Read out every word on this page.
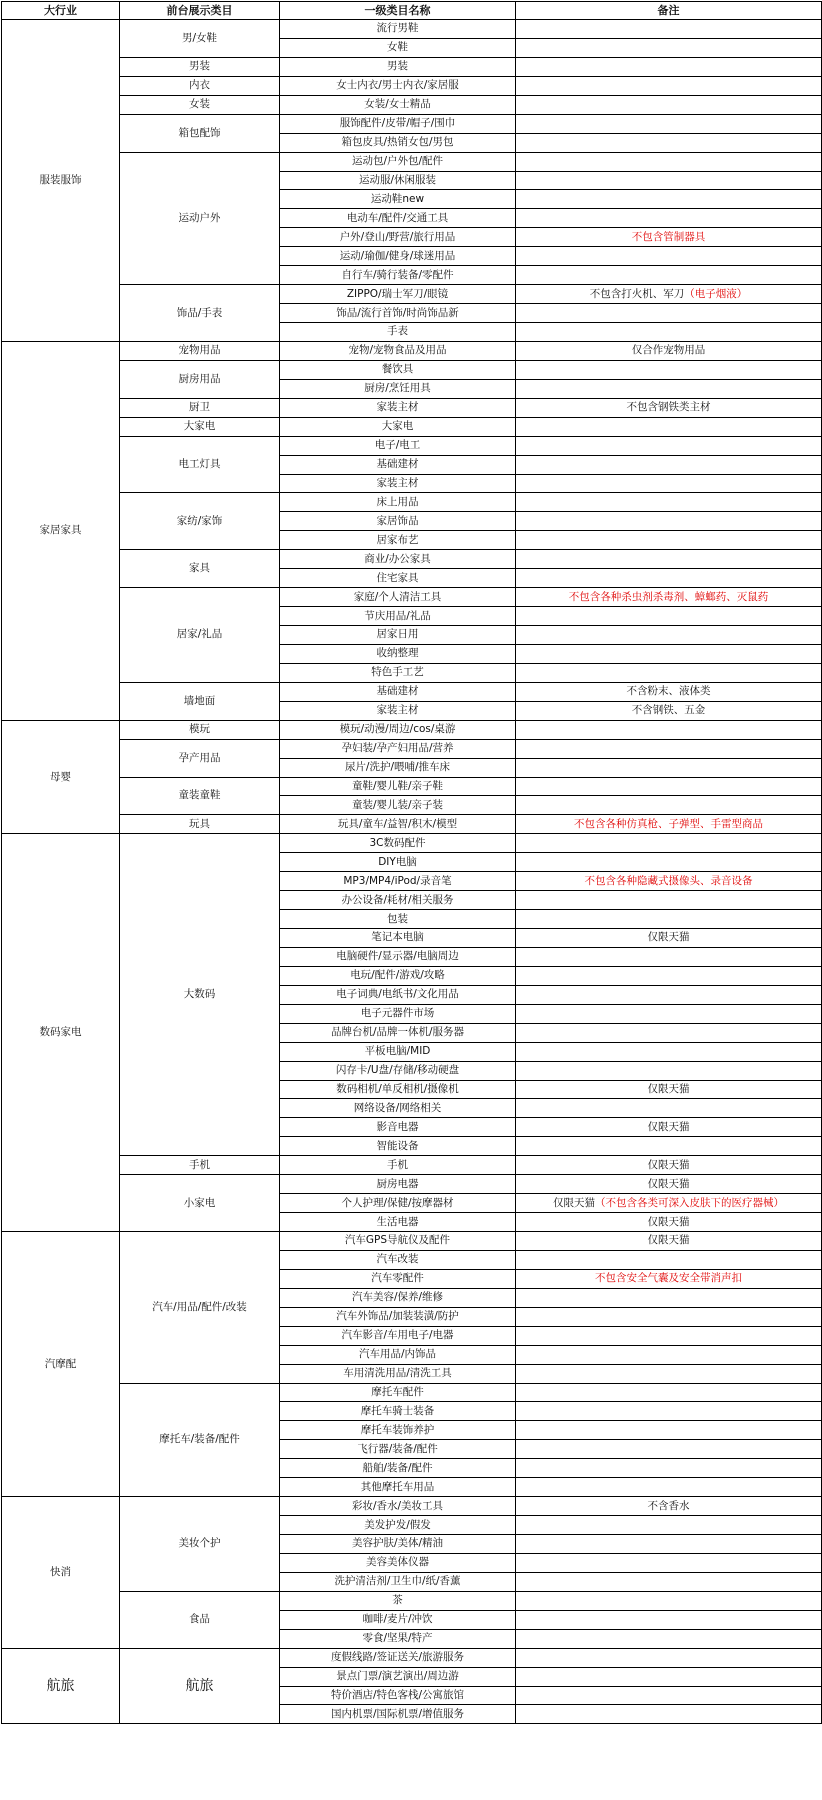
大行业	前台展示类目	一级类目名称	备注
服装服饰	男/女鞋	流行男鞋	
		女鞋	
	男装	男装	
	内衣	女士内衣/男士内衣/家居服	
	女装	女装/女士精品	
	箱包配饰	服饰配件/皮带/帽子/围巾	
		箱包皮具/热销女包/男包	
	运动户外	运动包/户外包/配件	
		运动服/休闲服装	
		运动鞋new	
		电动车/配件/交通工具	
		户外/登山/野营/旅行用品	不包含管制器具
		运动/瑜伽/健身/球迷用品	
		自行车/骑行装备/零配件	
	饰品/手表	ZIPPO/瑞士军刀/眼镜	不包含打火机、军刀（电子烟液）
		饰品/流行首饰/时尚饰品新	
		手表	
家居家具	宠物用品	宠物/宠物食品及用品	仅合作宠物用品
	厨房用品	餐饮具	
		厨房/烹饪用具	
	厨卫	家装主材	不包含钢铁类主材
	大家电	大家电	
	电工灯具	电子/电工	
		基础建材	
		家装主材	
	家纺/家饰	床上用品	
		家居饰品	
		居家布艺	
	家具	商业/办公家具	
		住宅家具	
	居家/礼品	家庭/个人清洁工具	不包含各种杀虫剂杀毒剂、蟑螂药、灭鼠药
		节庆用品/礼品	
		居家日用	
		收纳整理	
		特色手工艺	
	墙地面	基础建材	不含粉末、液体类
		家装主材	不含钢铁、五金
母婴	模玩	模玩/动漫/周边/cos/桌游	
	孕产用品	孕妇装/孕产妇用品/营养	
		尿片/洗护/喂哺/推车床	
	童装童鞋	童鞋/婴儿鞋/亲子鞋	
		童装/婴儿装/亲子装	
	玩具	玩具/童车/益智/积木/模型	不包含各种仿真枪、子弹型、手雷型商品
数码家电	大数码	3C数码配件	
		DIY电脑	
		MP3/MP4/iPod/录音笔	不包含各种隐藏式摄像头、录音设备
		办公设备/耗材/相关服务	
		包装	
		笔记本电脑	仅限天猫
		电脑硬件/显示器/电脑周边	
		电玩/配件/游戏/攻略	
		电子词典/电纸书/文化用品	
		电子元器件市场	
		品牌台机/品牌一体机/服务器	
		平板电脑/MID	
		闪存卡/U盘/存储/移动硬盘	
		数码相机/单反相机/摄像机	仅限天猫
		网络设备/网络相关	
		影音电器	仅限天猫
		智能设备	
	手机	手机	仅限天猫
	小家电	厨房电器	仅限天猫
		个人护理/保健/按摩器材	仅限天猫（不包含各类可深入皮肤下的医疗器械）
		生活电器	仅限天猫
汽摩配	汽车/用品/配件/改装	汽车GPS导航仪及配件	仅限天猫
		汽车改装	
		汽车零配件	不包含安全气囊及安全带消声扣
		汽车美容/保养/维修	
		汽车外饰品/加装装潢/防护	
		汽车影音/车用电子/电器	
		汽车用品/内饰品	
		车用清洗用品/清洗工具	
	摩托车/装备/配件	摩托车配件	
		摩托车骑士装备	
		摩托车装饰养护	
		飞行器/装备/配件	
		船舶/装备/配件	
		其他摩托车用品	
快消	美妆个护	彩妆/香水/美妆工具	不含香水
		美发护发/假发	
		美容护肤/美体/精油	
		美容美体仪器	
		洗护清洁剂/卫生巾/纸/香薰	
	食品	茶	
		咖啡/麦片/冲饮	
		零食/坚果/特产	
航旅	航旅	度假线路/签证送关/旅游服务	
		景点门票/演艺演出/周边游	
		特价酒店/特色客栈/公寓旅馆	
		国内机票/国际机票/增值服务	
